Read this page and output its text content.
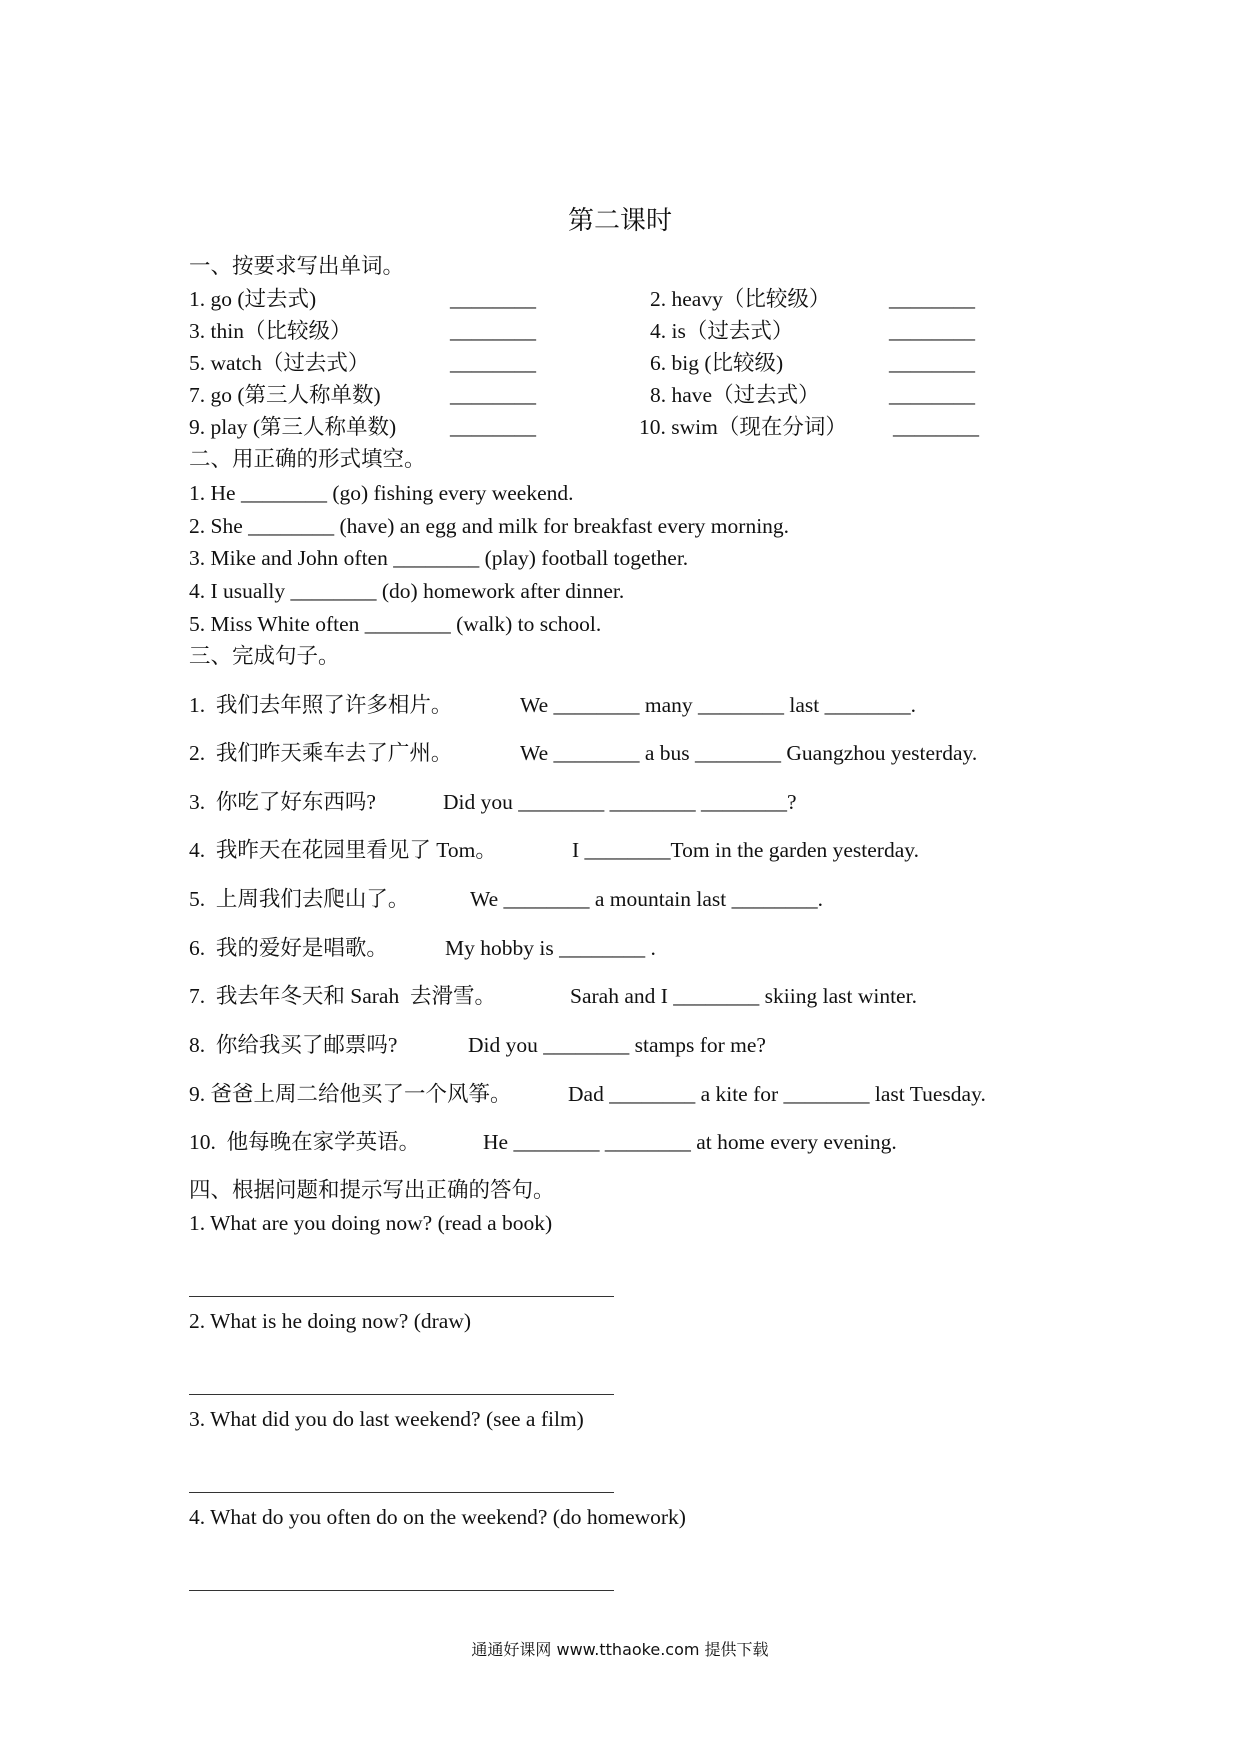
第二课时
一、按要求写出单词。
1. go (过去式)	________	2. heavy（比较级）	________
3. thin（比较级）	________	4. is（过去式）	________
5. watch（过去式）	________	6. big (比较级)	________
7. go (第三人称单数)	________	8. have（过去式）	________
9. play (第三人称单数)	________	10. swim（现在分词） ________
二、用正确的形式填空。
1. He ________ (go) fishing every weekend.
2. She ________ (have) an egg and milk for breakfast every morning.
3. Mike and John often ________ (play) football together.
4. I usually ________ (do) homework after dinner.
5. Miss White often ________ (walk) to school.
三、完成句子。
1.  我们去年照了许多相片。	We ________ many ________ last ________.
2.  我们昨天乘车去了广州。	We ________ a bus ________ Guangzhou yesterday.
3.  你吃了好东西吗?	Did you ________ ________ ________?
4.  我昨天在花园里看见了 Tom。	I ________Tom in the garden yesterday.
5.  上周我们去爬山了。	We ________ a mountain last ________.
6.  我的爱好是唱歌。	My hobby is ________ .
7.  我去年冬天和 Sarah  去滑雪。	Sarah and I ________ skiing last winter.
8.  你给我买了邮票吗?	Did you ________ stamps for me?
9. 爸爸上周二给他买了一个风筝。	Dad ________ a kite for ________ last Tuesday.
10.  他每晚在家学英语。	He ________ ________ at home every evening.
四、根据问题和提示写出正确的答句。
1. What are you doing now? (read a book)
2. What is he doing now? (draw)
3. What did you do last weekend? (see a film)
4. What do you often do on the weekend? (do homework)
通通好课网 www.tthaoke.com 提供下载
